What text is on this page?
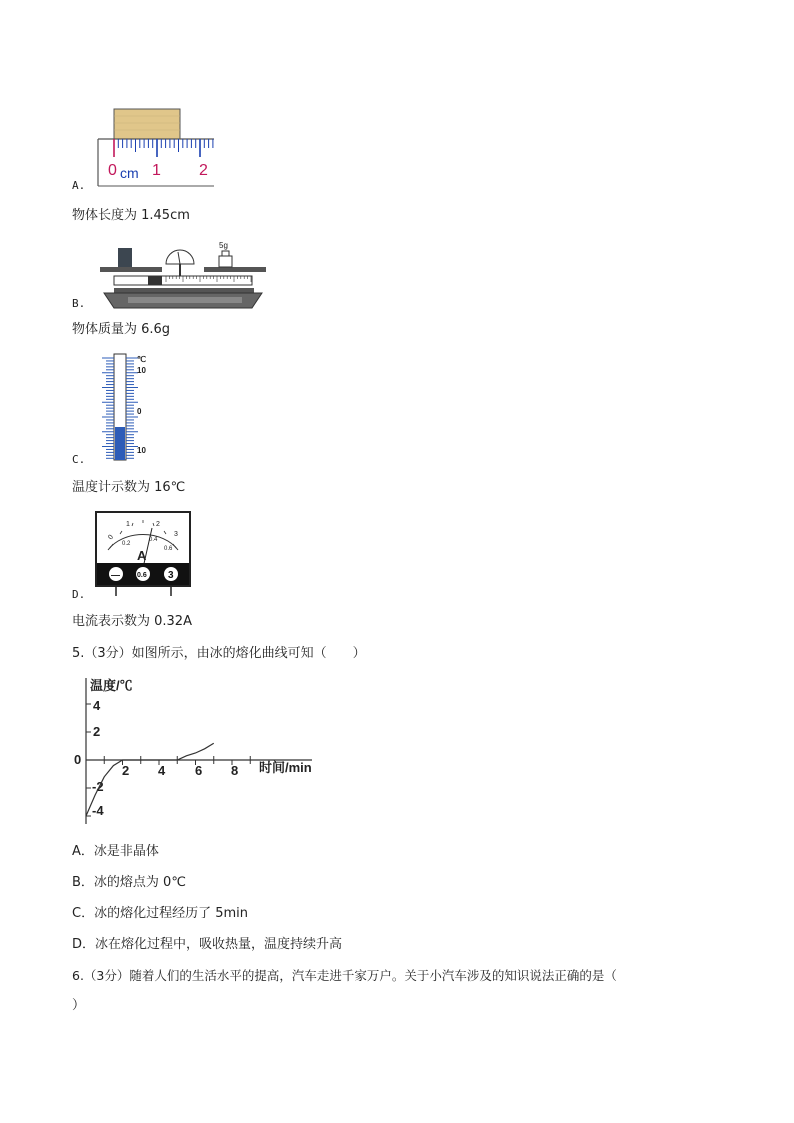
0 cm 1 2
A.
物体长度为 1.45cm
5g
B.
物体质量为 6.6g
℃
10
0
10
C.
温度计示数为 16℃
0
1	2
3
0.2
0.4
0.6
A
— 0.6 3
D.
电流表示数为 0.32A
5.（3分）如图所示，由冰的熔化曲线可知（　　）
温度/℃
时间/min
4
2
-2
-4
0
2 4 6 8
A．冰是非晶体
B．冰的熔点为 0℃
C．冰的熔化过程经历了 5min
D．冰在熔化过程中，吸收热量，温度持续升高
6.（3分）随着人们的生活水平的提高，汽车走进千家万户。关于小汽车涉及的知识说法正确的是（
）
